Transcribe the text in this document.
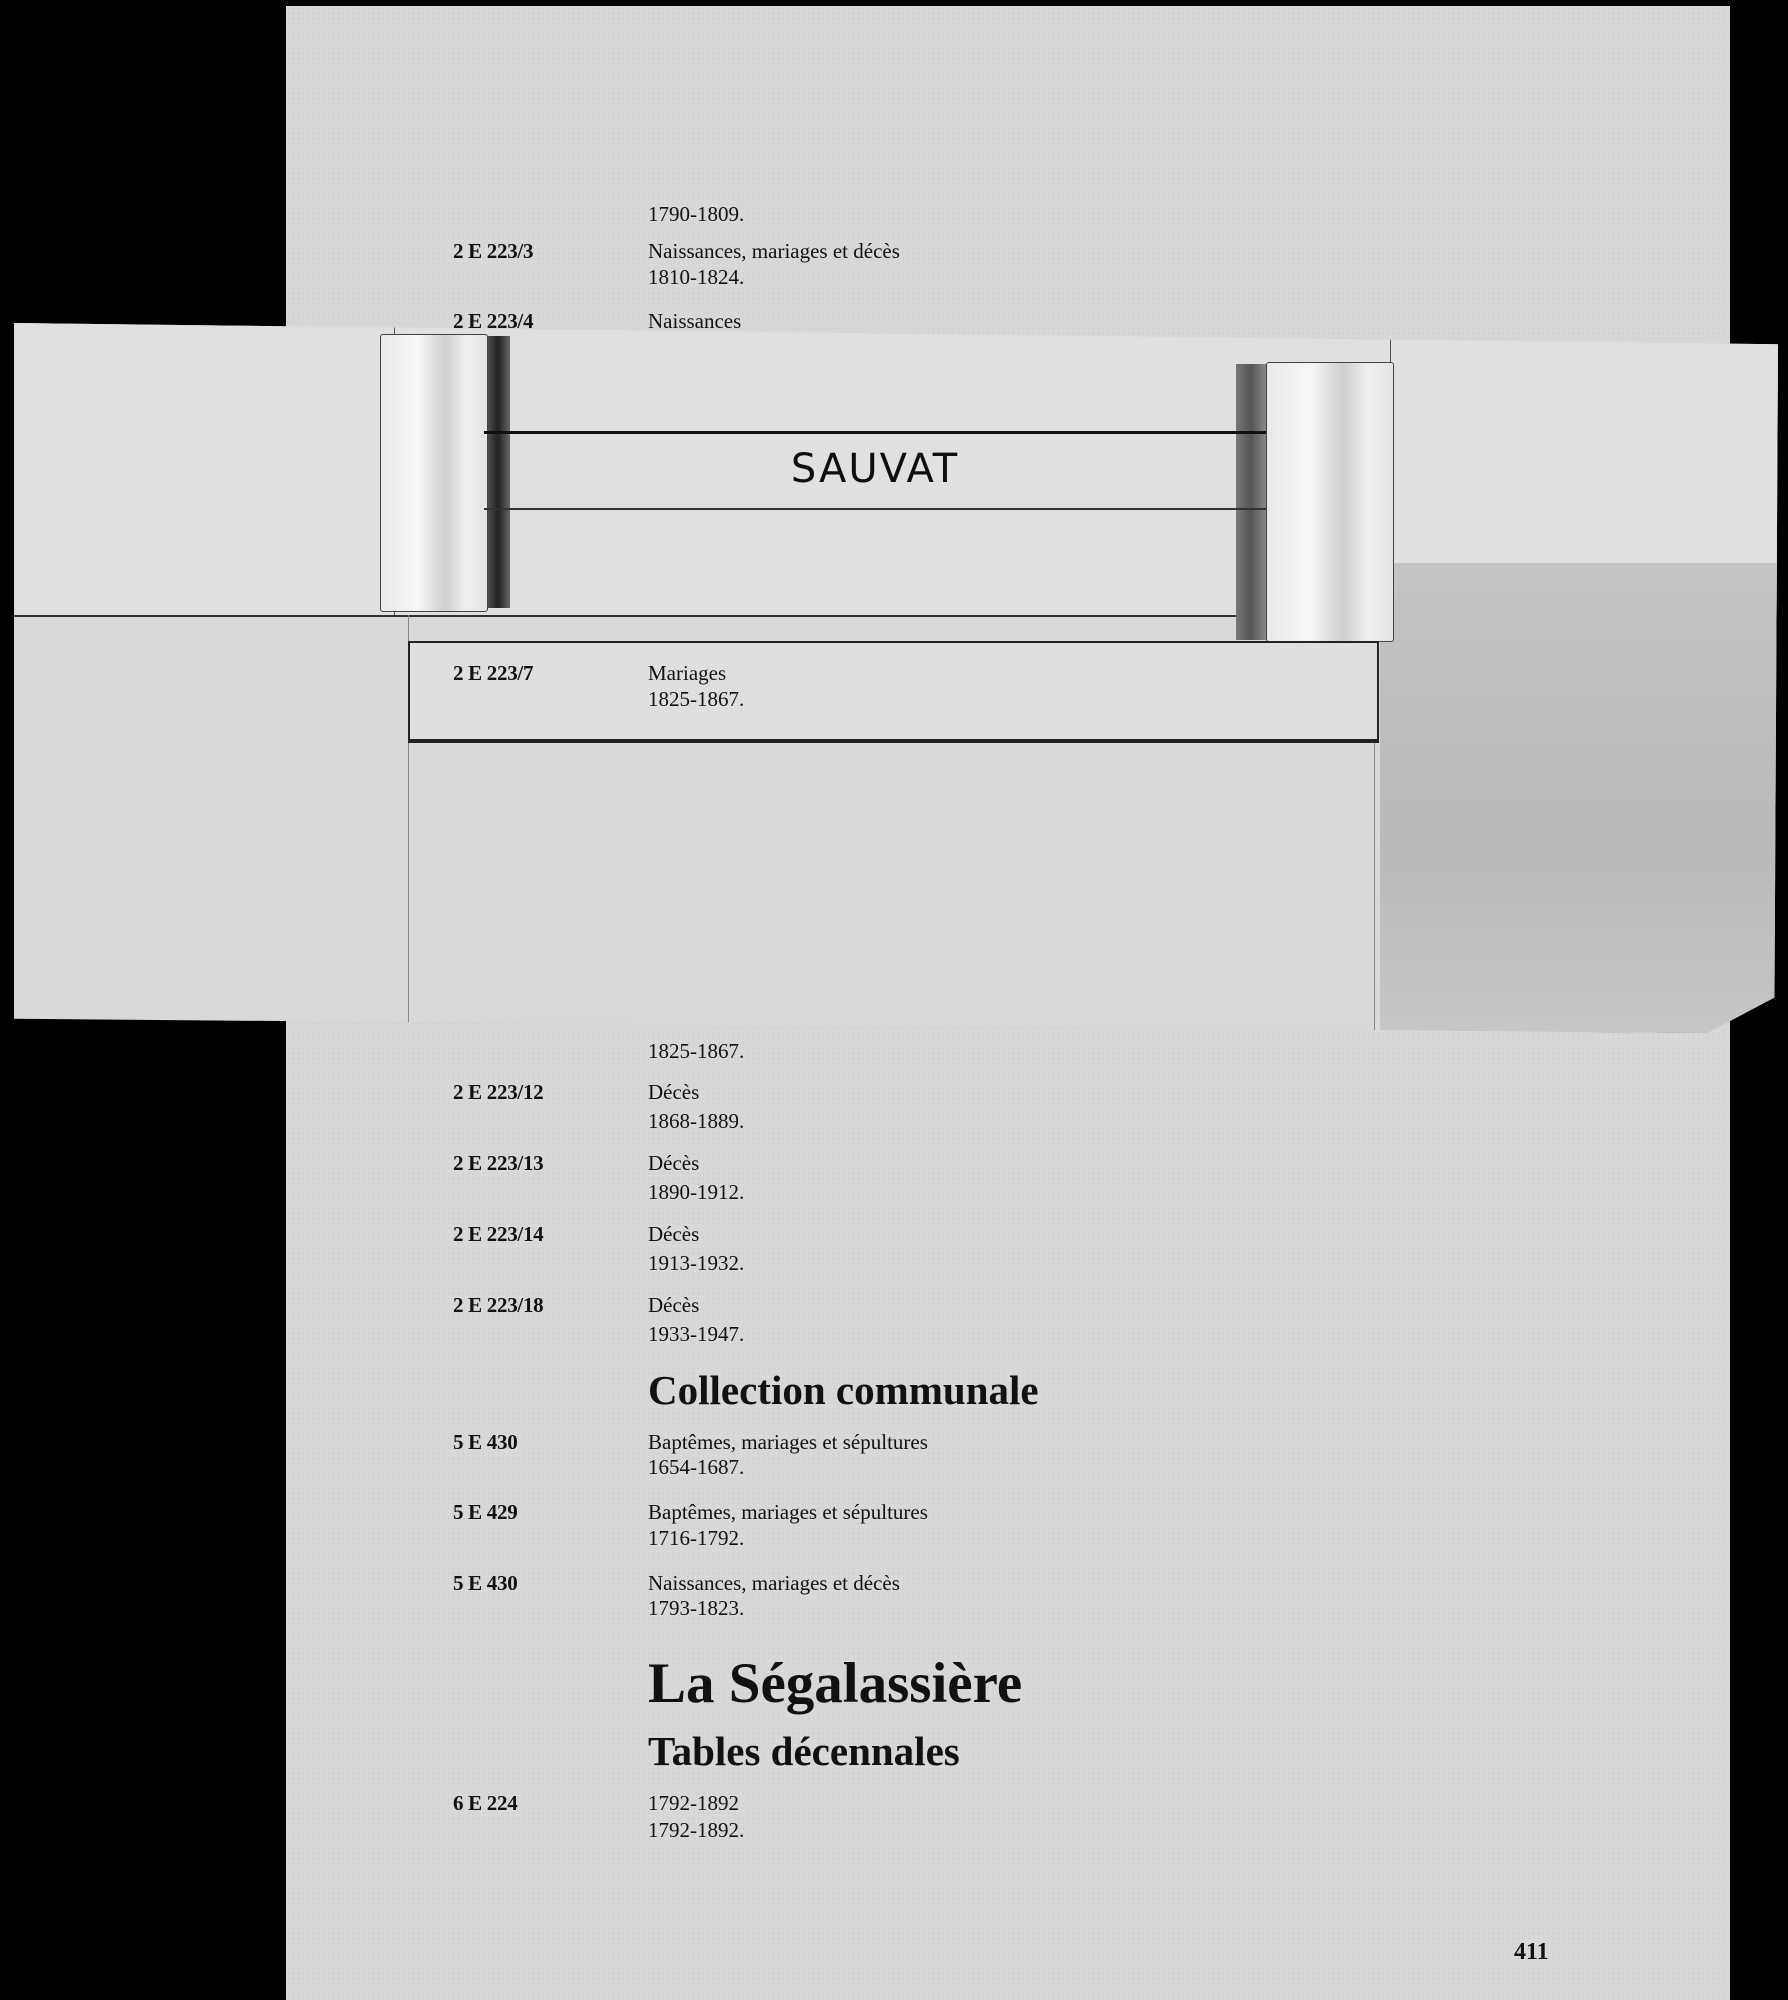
1790-1809.
2 E 223/3	Naissances, mariages et décès
1810-1824.
2 E 223/4	Naissances
1825-1867.
2 E 223/12	Décès
1868-1889.
2 E 223/13	Décès
1890-1912.
2 E 223/14	Décès
1913-1932.
2 E 223/18	Décès
1933-1947.
Collection communale
5 E 430	Baptêmes, mariages et sépultures
1654-1687.
5 E 429	Baptêmes, mariages et sépultures
1716-1792.
5 E 430	Naissances, mariages et décès
1793-1823.
La Ségalassière
Tables décennales
6 E 224	1792-1892
1792-1892.
411
SAUVAT
2 E 223/7	Mariages
1825-1867.
